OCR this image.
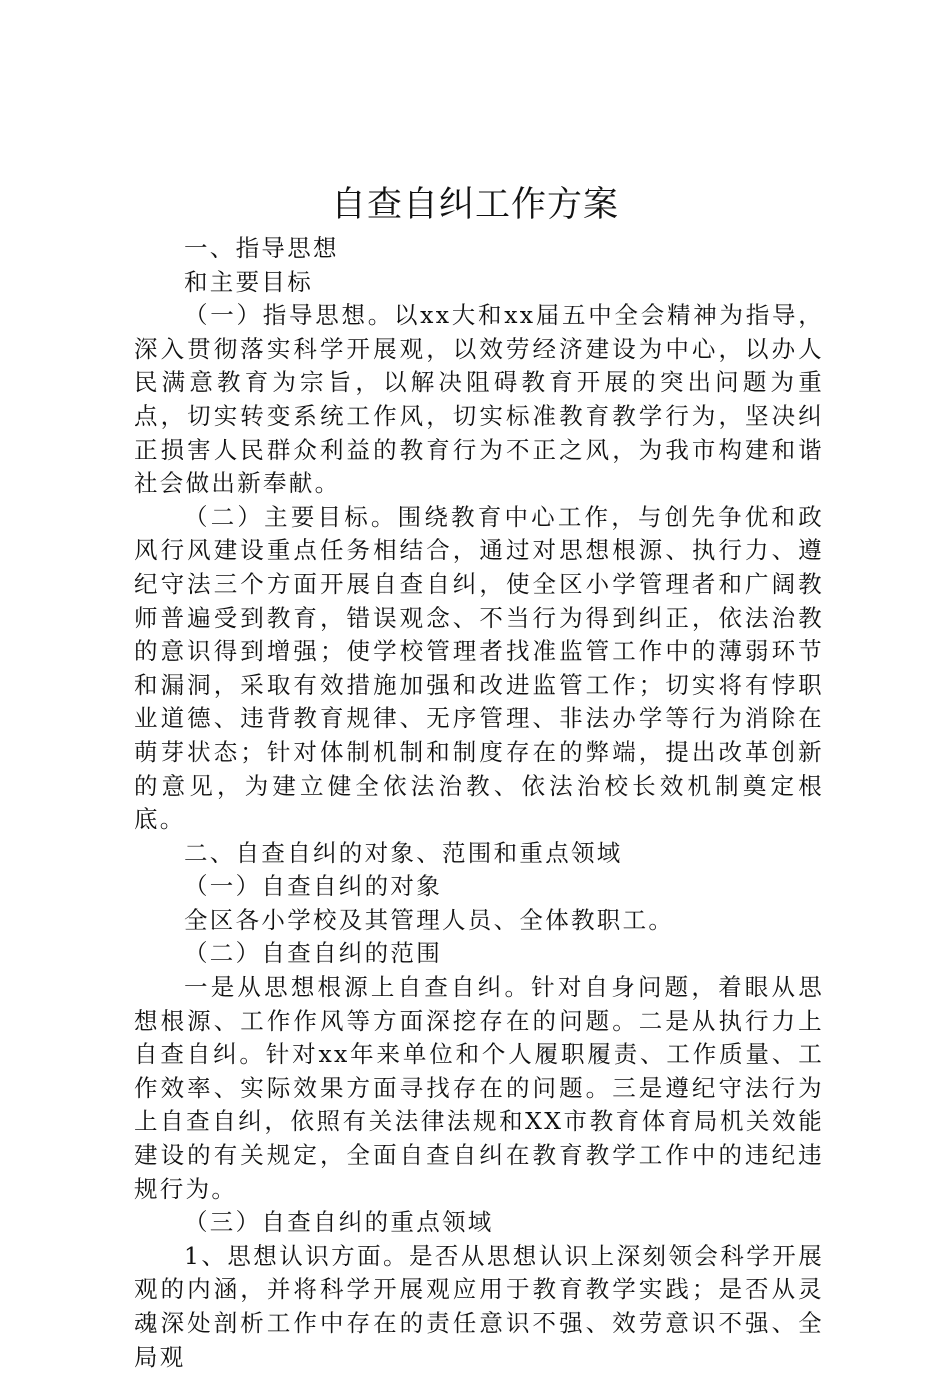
自查自纠工作方案

一、指导思想

和主要目标

（一）指导思想。以xx大和xx届五中全会精神为指导，深入贯彻落实科学开展观，以效劳经济建设为中心，以办人民满意教育为宗旨，以解决阻碍教育开展的突出问题为重点，切实转变系统工作风，切实标准教育教学行为，坚决纠正损害人民群众利益的教育行为不正之风，为我市构建和谐社会做出新奉献。

（二）主要目标。围绕教育中心工作，与创先争优和政风行风建设重点任务相结合，通过对思想根源、执行力、遵纪守法三个方面开展自查自纠，使全区小学管理者和广阔教师普遍受到教育，错误观念、不当行为得到纠正，依法治教的意识得到增强；使学校管理者找准监管工作中的薄弱环节和漏洞，采取有效措施加强和改进监管工作；切实将有悖职业道德、违背教育规律、无序管理、非法办学等行为消除在萌芽状态；针对体制机制和制度存在的弊端，提出改革创新的意见，为建立健全依法治教、依法治校长效机制奠定根底。

二、自查自纠的对象、范围和重点领域

（一）自查自纠的对象

全区各小学校及其管理人员、全体教职工。

（二）自查自纠的范围

一是从思想根源上自查自纠。针对自身问题，着眼从思想根源、工作作风等方面深挖存在的问题。二是从执行力上自查自纠。针对xx年来单位和个人履职履责、工作质量、工作效率、实际效果方面寻找存在的问题。三是遵纪守法行为上自查自纠，依照有关法律法规和XX市教育体育局机关效能建设的有关规定，全面自查自纠在教育教学工作中的违纪违规行为。

（三）自查自纠的重点领域

1、思想认识方面。是否从思想认识上深刻领会科学开展观的内涵，并将科学开展观应用于教育教学实践；是否从灵魂深处剖析工作中存在的责任意识不强、效劳意识不强、全局观
